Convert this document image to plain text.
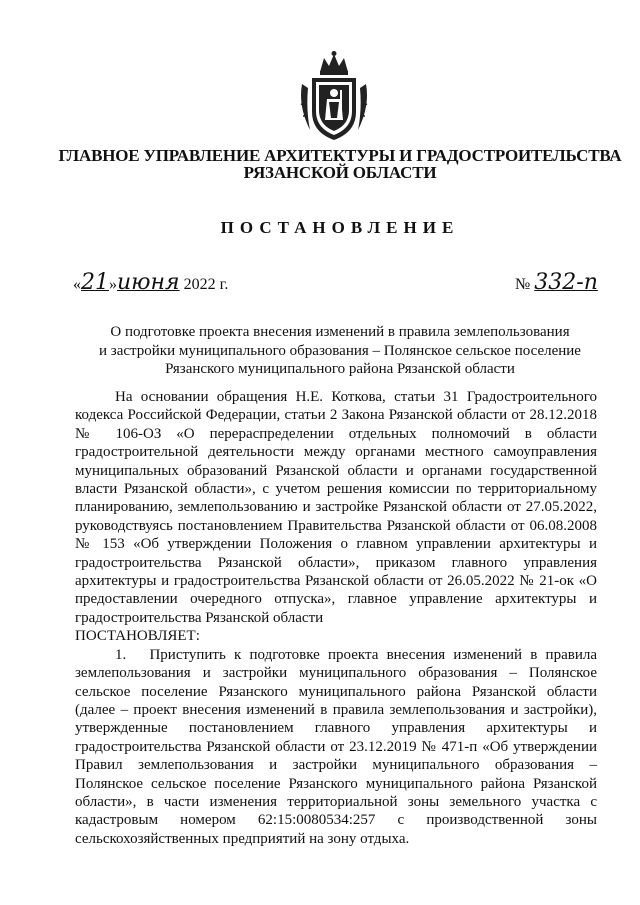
ГЛАВНОЕ УПРАВЛЕНИЕ АРХИТЕКТУРЫ И ГРАДОСТРОИТЕЛЬСТВА
РЯЗАНСКОЙ ОБЛАСТИ
ПОСТАНОВЛЕНИЕ
«21»июня 2022 г.	№ 332-п
О подготовке проекта внесения изменений в правила землепользования
и застройки муниципального образования – Полянское сельское поселение
Рязанского муниципального района Рязанской области

На основании обращения Н.Е. Коткова, статьи 31 Градостроительного кодекса Российской Федерации, статьи 2 Закона Рязанской области от 28.12.2018 № 106-ОЗ «О перераспределении отдельных полномочий в области градостроительной деятельности между органами местного самоуправления муниципальных образований Рязанской области и органами государственной власти Рязанской области», с учетом решения комиссии по территориальному планированию, землепользованию и застройке Рязанской области от 27.05.2022, руководствуясь постановлением Правительства Рязанской области от 06.08.2008 № 153 «Об утверждении Положения о главном управлении архитектуры и градостроительства Рязанской области», приказом главного управления архитектуры и градостроительства Рязанской области от 26.05.2022 № 21-ок «О предоставлении очередного отпуска», главное управление архитектуры и градостроительства Рязанской области

ПОСТАНОВЛЯЕТ:

1.  Приступить к подготовке проекта внесения изменений в правила землепользования и застройки муниципального образования – Полянское сельское поселение Рязанского муниципального района Рязанской области (далее – проект внесения изменений в правила землепользования и застройки), утвержденные постановлением главного управления архитектуры и градостроительства Рязанской области от 23.12.2019 № 471-п «Об утверждении Правил землепользования и застройки муниципального образования – Полянское сельское поселение Рязанского муниципального района Рязанской области», в части изменения территориальной зоны земельного участка с кадастровым номером 62:15:0080534:257 с производственной зоны сельскохозяйственных предприятий на зону отдыха.
